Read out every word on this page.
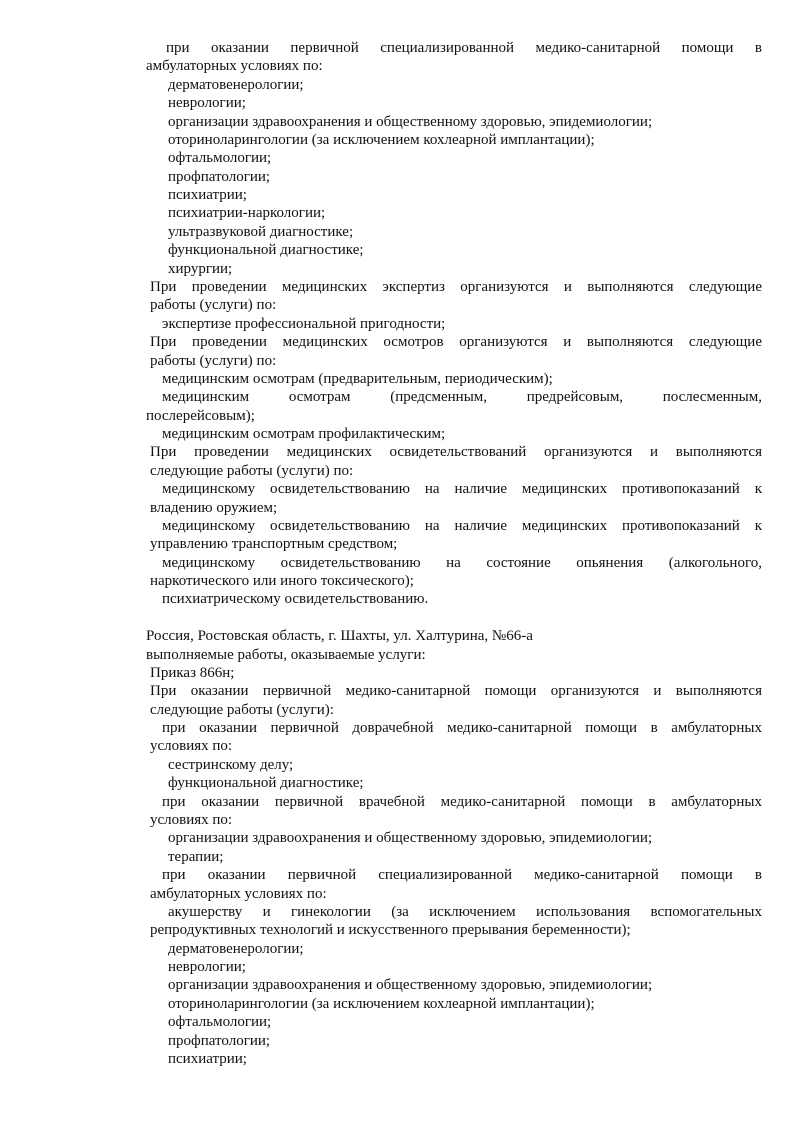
при оказании первичной специализированной медико-санитарной помощи в
амбулаторных условиях по:
дерматовенерологии;
неврологии;
организации здравоохранения и общественному здоровью, эпидемиологии;
оториноларингологии (за исключением кохлеарной имплантации);
офтальмологии;
профпатологии;
психиатрии;
психиатрии-наркологии;
ультразвуковой диагностике;
функциональной диагностике;
хирургии;
При проведении медицинских экспертиз организуются и выполняются следующие
работы (услуги) по:
экспертизе профессиональной пригодности;
При проведении медицинских осмотров организуются и выполняются следующие
работы (услуги) по:
медицинским осмотрам (предварительным, периодическим);
медицинским осмотрам (предсменным, предрейсовым, послесменным,
послерейсовым);
медицинским осмотрам профилактическим;
При проведении медицинских освидетельствований организуются и выполняются
следующие работы (услуги) по:
медицинскому освидетельствованию на наличие медицинских противопоказаний к
владению оружием;
медицинскому освидетельствованию на наличие медицинских противопоказаний к
управлению транспортным средством;
медицинскому освидетельствованию на состояние опьянения (алкогольного,
наркотического или иного токсического);
психиатрическому освидетельствованию.
Россия, Ростовская область, г. Шахты, ул. Халтурина, №66-а
выполняемые работы, оказываемые услуги:
Приказ 866н;
При оказании первичной медико-санитарной помощи организуются и выполняются
следующие работы (услуги):
при оказании первичной доврачебной медико-санитарной помощи в амбулаторных
условиях по:
сестринскому делу;
функциональной диагностике;
при оказании первичной врачебной медико-санитарной помощи в амбулаторных
условиях по:
организации здравоохранения и общественному здоровью, эпидемиологии;
терапии;
при оказании первичной специализированной медико-санитарной помощи в
амбулаторных условиях по:
акушерству и гинекологии (за исключением использования вспомогательных
репродуктивных технологий и искусственного прерывания беременности);
дерматовенерологии;
неврологии;
организации здравоохранения и общественному здоровью, эпидемиологии;
оториноларингологии (за исключением кохлеарной имплантации);
офтальмологии;
профпатологии;
психиатрии;
